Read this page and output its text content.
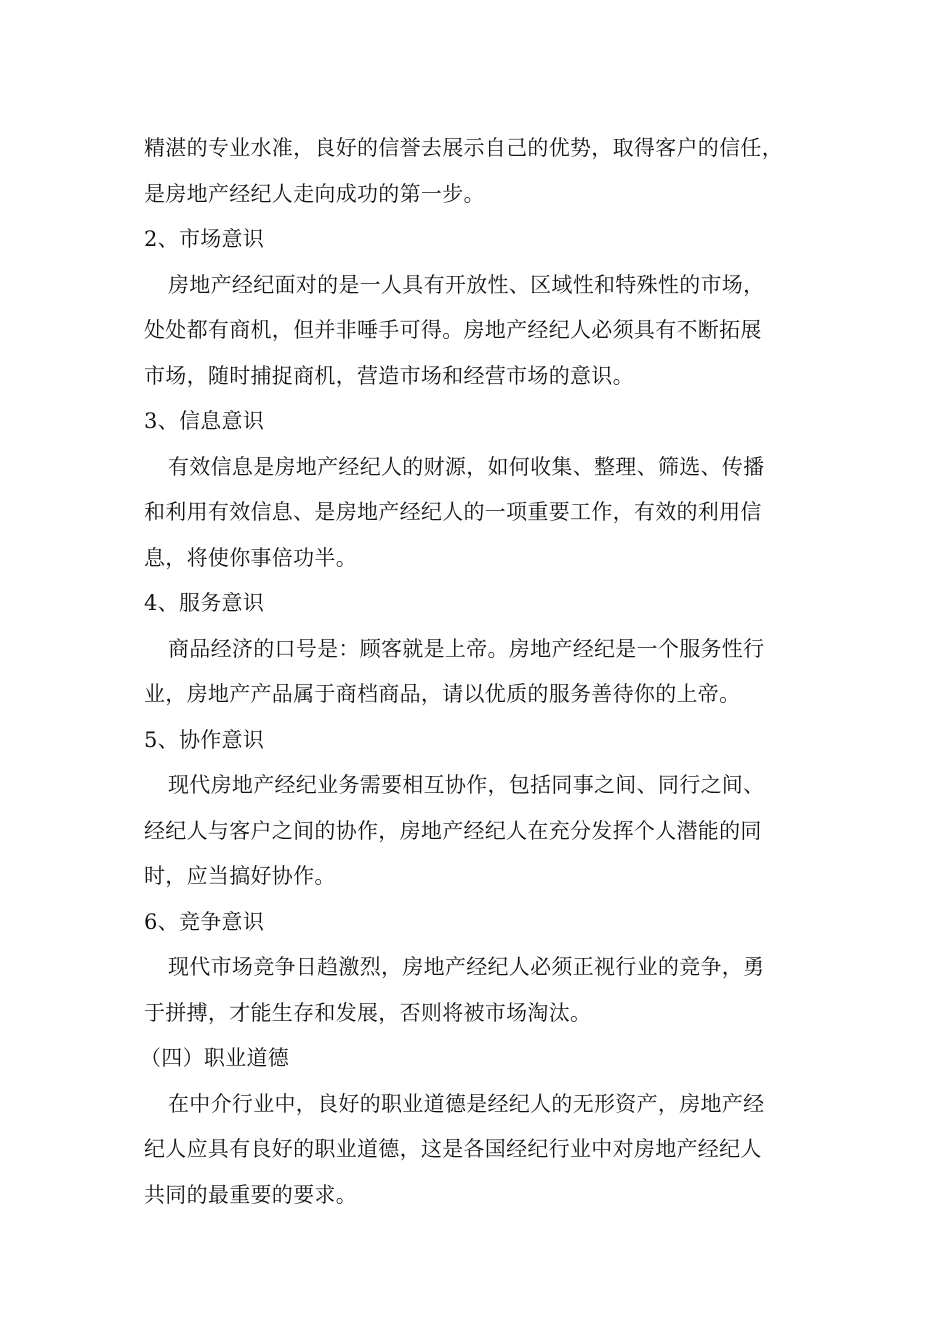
精湛的专业水准，良好的信誉去展示自己的优势，取得客户的信任，
是房地产经纪人走向成功的第一步。
2、市场意识
房地产经纪面对的是一人具有开放性、区域性和特殊性的市场，
处处都有商机，但并非唾手可得。房地产经纪人必须具有不断拓展
市场，随时捕捉商机，营造市场和经营市场的意识。
3、信息意识
有效信息是房地产经纪人的财源，如何收集、整理、筛选、传播
和利用有效信息、是房地产经纪人的一项重要工作，有效的利用信
息，将使你事倍功半。
4、服务意识
商品经济的口号是：顾客就是上帝。房地产经纪是一个服务性行
业，房地产产品属于商档商品，请以优质的服务善待你的上帝。
5、协作意识
现代房地产经纪业务需要相互协作，包括同事之间、同行之间、
经纪人与客户之间的协作，房地产经纪人在充分发挥个人潜能的同
时，应当搞好协作。
6、竞争意识
现代市场竞争日趋激烈，房地产经纪人必须正视行业的竞争，勇
于拼搏，才能生存和发展，否则将被市场淘汰。
（四）职业道德
在中介行业中，良好的职业道德是经纪人的无形资产，房地产经
纪人应具有良好的职业道德，这是各国经纪行业中对房地产经纪人
共同的最重要的要求。
